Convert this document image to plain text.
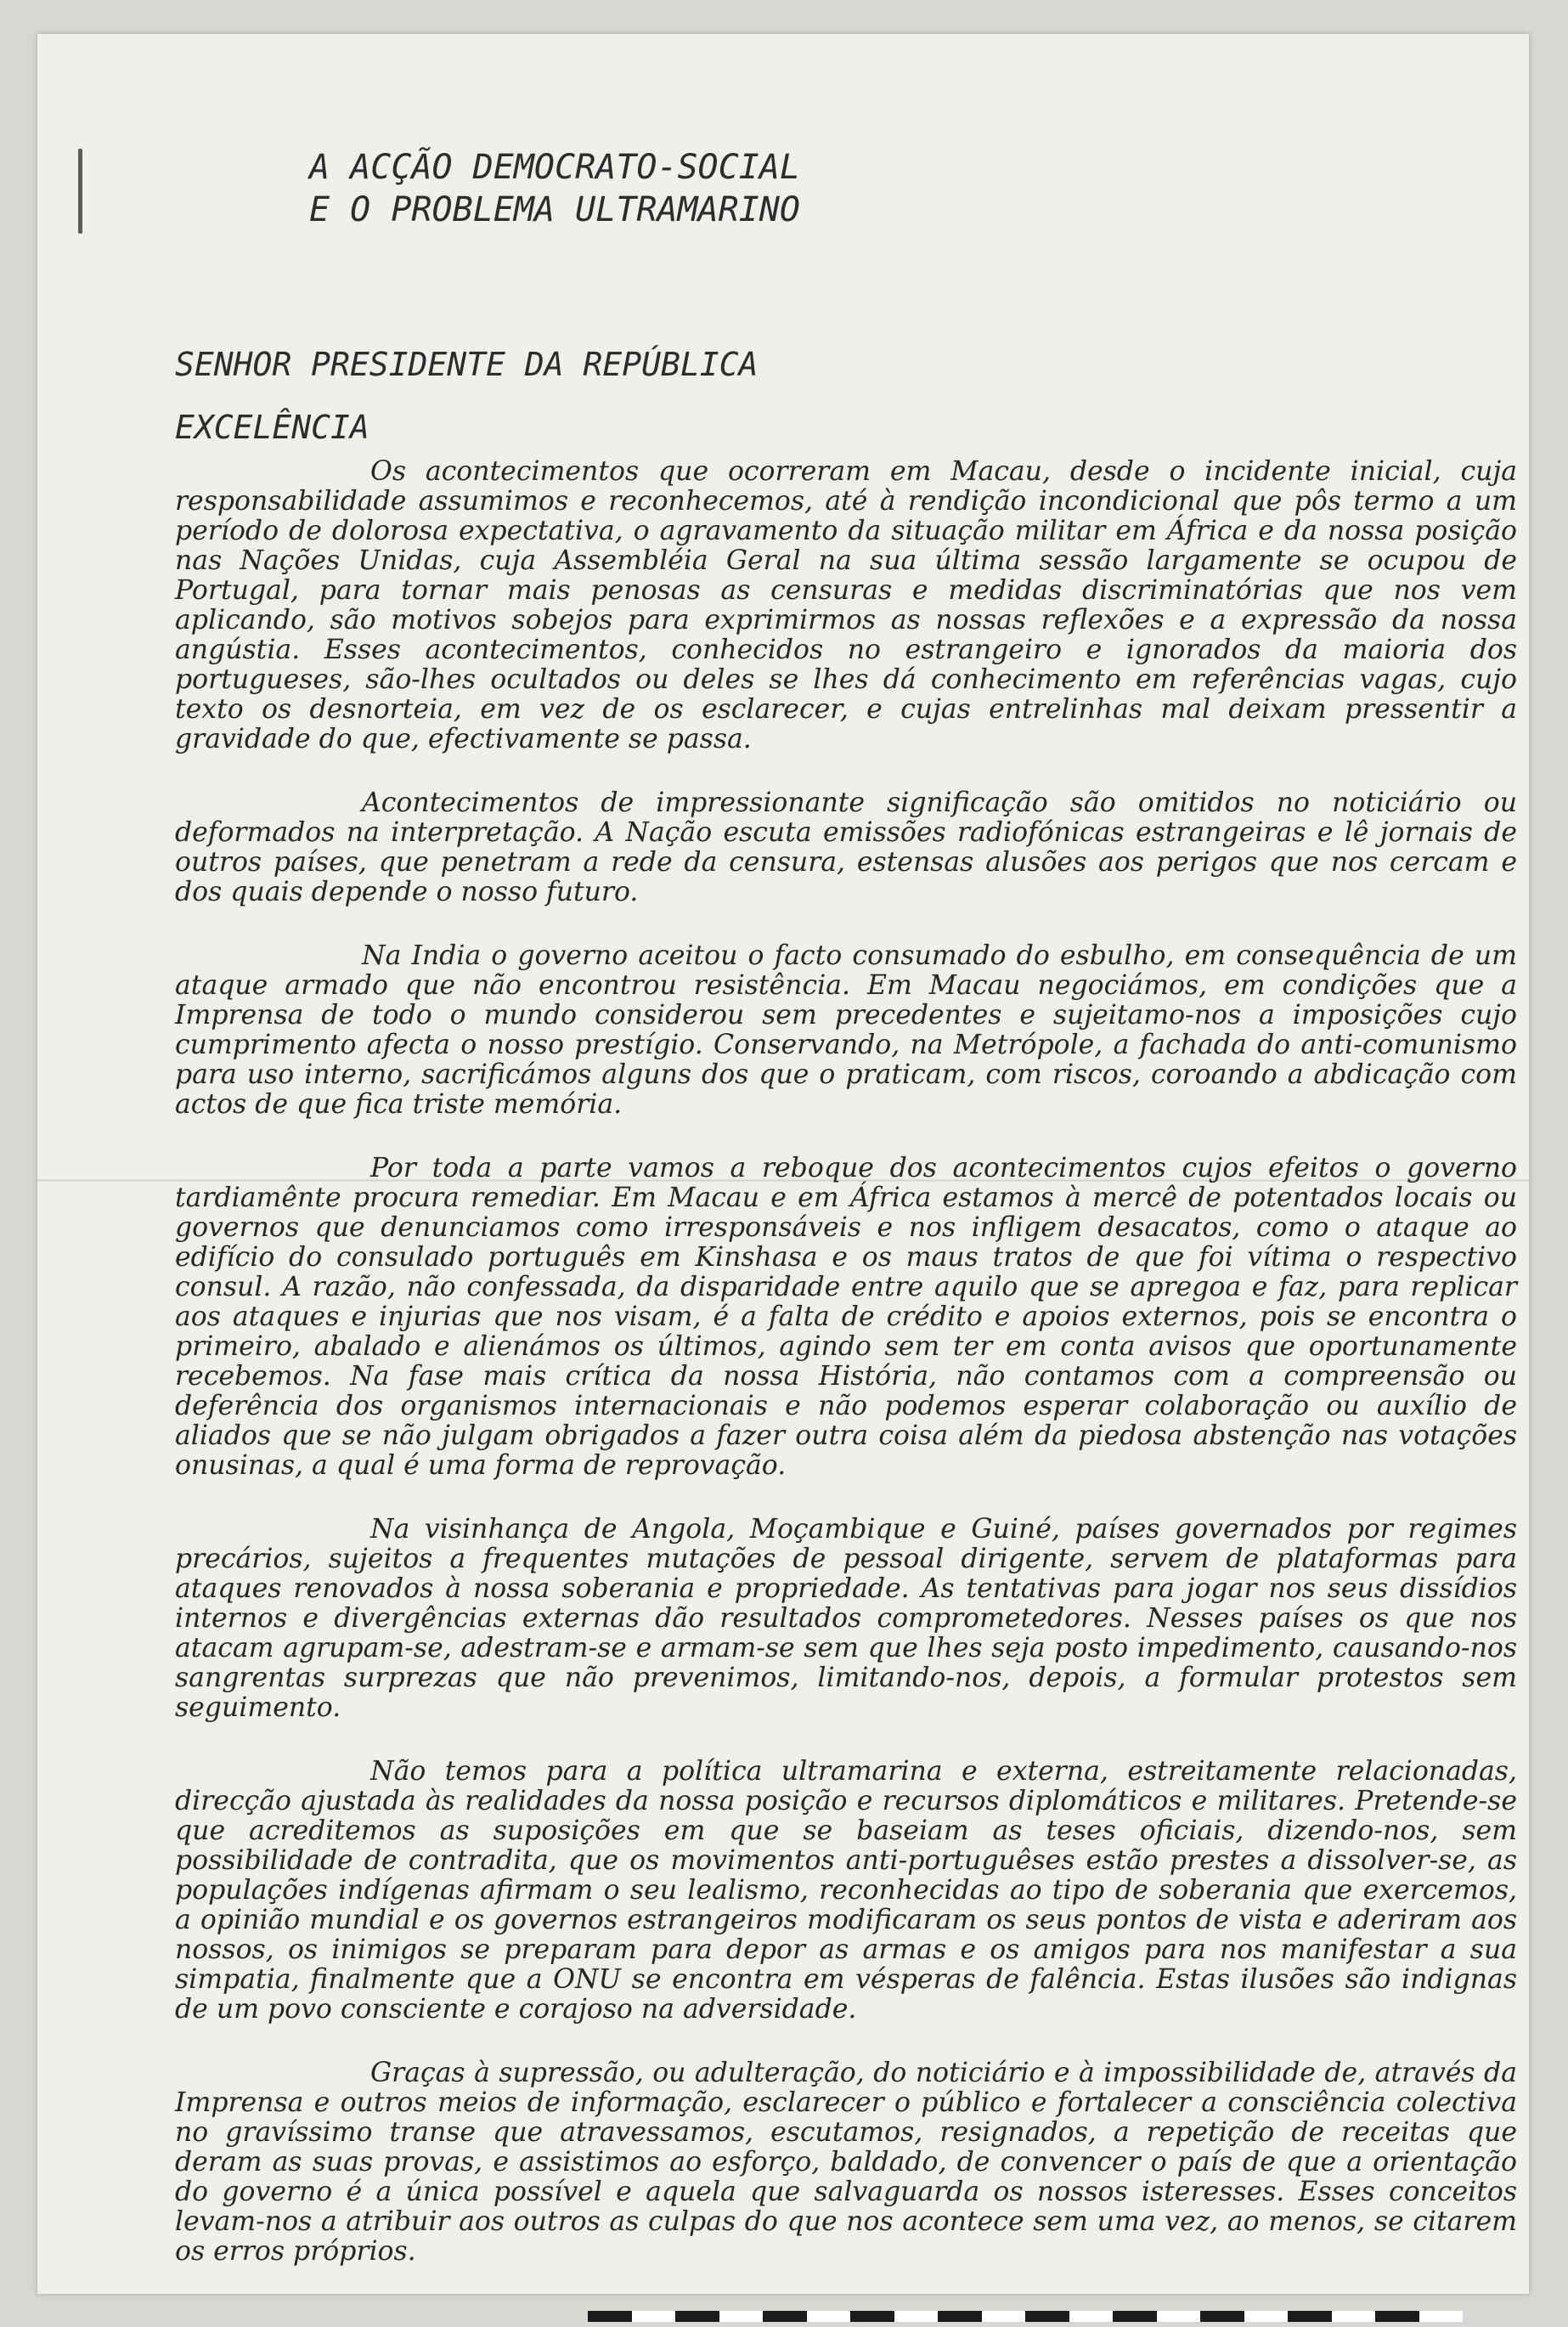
A ACÇÃO DEMOCRATO-SOCIAL
E O PROBLEMA ULTRAMARINO
SENHOR PRESIDENTE DA REPÚBLICA
EXCELÊNCIA

Os acontecimentos que ocorreram em Macau, desde o incidente inicial, cuja responsabilidade assumimos e reconhecemos, até à rendição incondicional que pôs termo a um período de dolorosa expectativa, o agravamento da situação militar em África e da nossa posição nas Nações Unidas, cuja Assembléia Geral na sua última sessão largamente se ocupou de Portugal, para tornar mais penosas as censuras e medidas discriminatórias que nos vem aplicando, são motivos sobejos para exprimirmos as nossas reflexões e a expressão da nossa angústia. Esses acontecimentos, conhecidos no estrangeiro e ignorados da maioria dos portugueses, são-lhes ocultados ou deles se lhes dá conhecimento em referências vagas, cujo texto os desnorteia, em vez de os esclarecer, e cujas entrelinhas mal deixam pressentir a gravidade do que, efectivamente se passa.

Acontecimentos de impressionante significação são omitidos no noticiário ou deformados na interpretação. A Nação escuta emissões radiofónicas estrangeiras e lê jornais de outros países, que penetram a rede da censura, estensas alusões aos perigos que nos cercam e dos quais depende o nosso futuro.

Na India o governo aceitou o facto consumado do esbulho, em consequência de um ataque armado que não encontrou resistência. Em Macau negociámos, em condições que a Imprensa de todo o mundo considerou sem precedentes e sujeitamo-nos a imposições cujo cumprimento afecta o nosso prestígio. Conservando, na Metrópole, a fachada do anti-comunismo para uso interno, sacrificámos alguns dos que o praticam, com riscos, coroando a abdicação com actos de que fica triste memória.

Por toda a parte vamos a reboque dos acontecimentos cujos efeitos o governo tardiamênte procura remediar. Em Macau e em África estamos à mercê de potentados locais ou governos que denunciamos como irresponsáveis e nos infligem desacatos, como o ataque ao edifício do consulado português em Kinshasa e os maus tratos de que foi vítima o respectivo consul. A razão, não confessada, da disparidade entre aquilo que se apregoa e faz, para replicar aos ataques e injurias que nos visam, é a falta de crédito e apoios externos, pois se encontra o primeiro, abalado e alienámos os últimos, agindo sem ter em conta avisos que oportunamente recebemos. Na fase mais crítica da nossa História, não contamos com a compreensão ou deferência dos organismos internacionais e não podemos esperar colaboração ou auxílio de aliados que se não julgam obrigados a fazer outra coisa além da piedosa abstenção nas votações onusinas, a qual é uma forma de reprovação.

Na visinhança de Angola, Moçambique e Guiné, países governados por regimes precários, sujeitos a frequentes mutações de pessoal dirigente, servem de plataformas para ataques renovados à nossa soberania e propriedade. As tentativas para jogar nos seus dissídios internos e divergências externas dão resultados comprometedores. Nesses países os que nos atacam agrupam-se, adestram-se e armam-se sem que lhes seja posto impedimento, causando-nos sangrentas surprezas que não prevenimos, limitando-nos, depois, a formular protestos sem seguimento.

Não temos para a política ultramarina e externa, estreitamente relacionadas, direcção ajustada às realidades da nossa posição e recursos diplomáticos e militares. Pretende-se que acreditemos as suposições em que se baseiam as teses oficiais, dizendo-nos, sem possibilidade de contradita, que os movimentos anti-portuguêses estão prestes a dissolver-se, as populações indígenas afirmam o seu lealismo, reconhecidas ao tipo de soberania que exercemos, a opinião mundial e os governos estrangeiros modificaram os seus pontos de vista e aderiram aos nossos, os inimigos se preparam para depor as armas e os amigos para nos manifestar a sua simpatia, finalmente que a ONU se encontra em vésperas de falência. Estas ilusões são indignas de um povo consciente e corajoso na adversidade.

Graças à supressão, ou adulteração, do noticiário e à impossibilidade de, através da Imprensa e outros meios de informação, esclarecer o público e fortalecer a consciência colectiva no gravíssimo transe que atravessamos, escutamos, resignados, a repetição de receitas que deram as suas provas, e assistimos ao esforço, baldado, de convencer o país de que a orientação do governo é a única possível e aquela que salvaguarda os nossos isteresses. Esses conceitos levam-nos a atribuir aos outros as culpas do que nos acontece sem uma vez, ao menos, se citarem os erros próprios.
